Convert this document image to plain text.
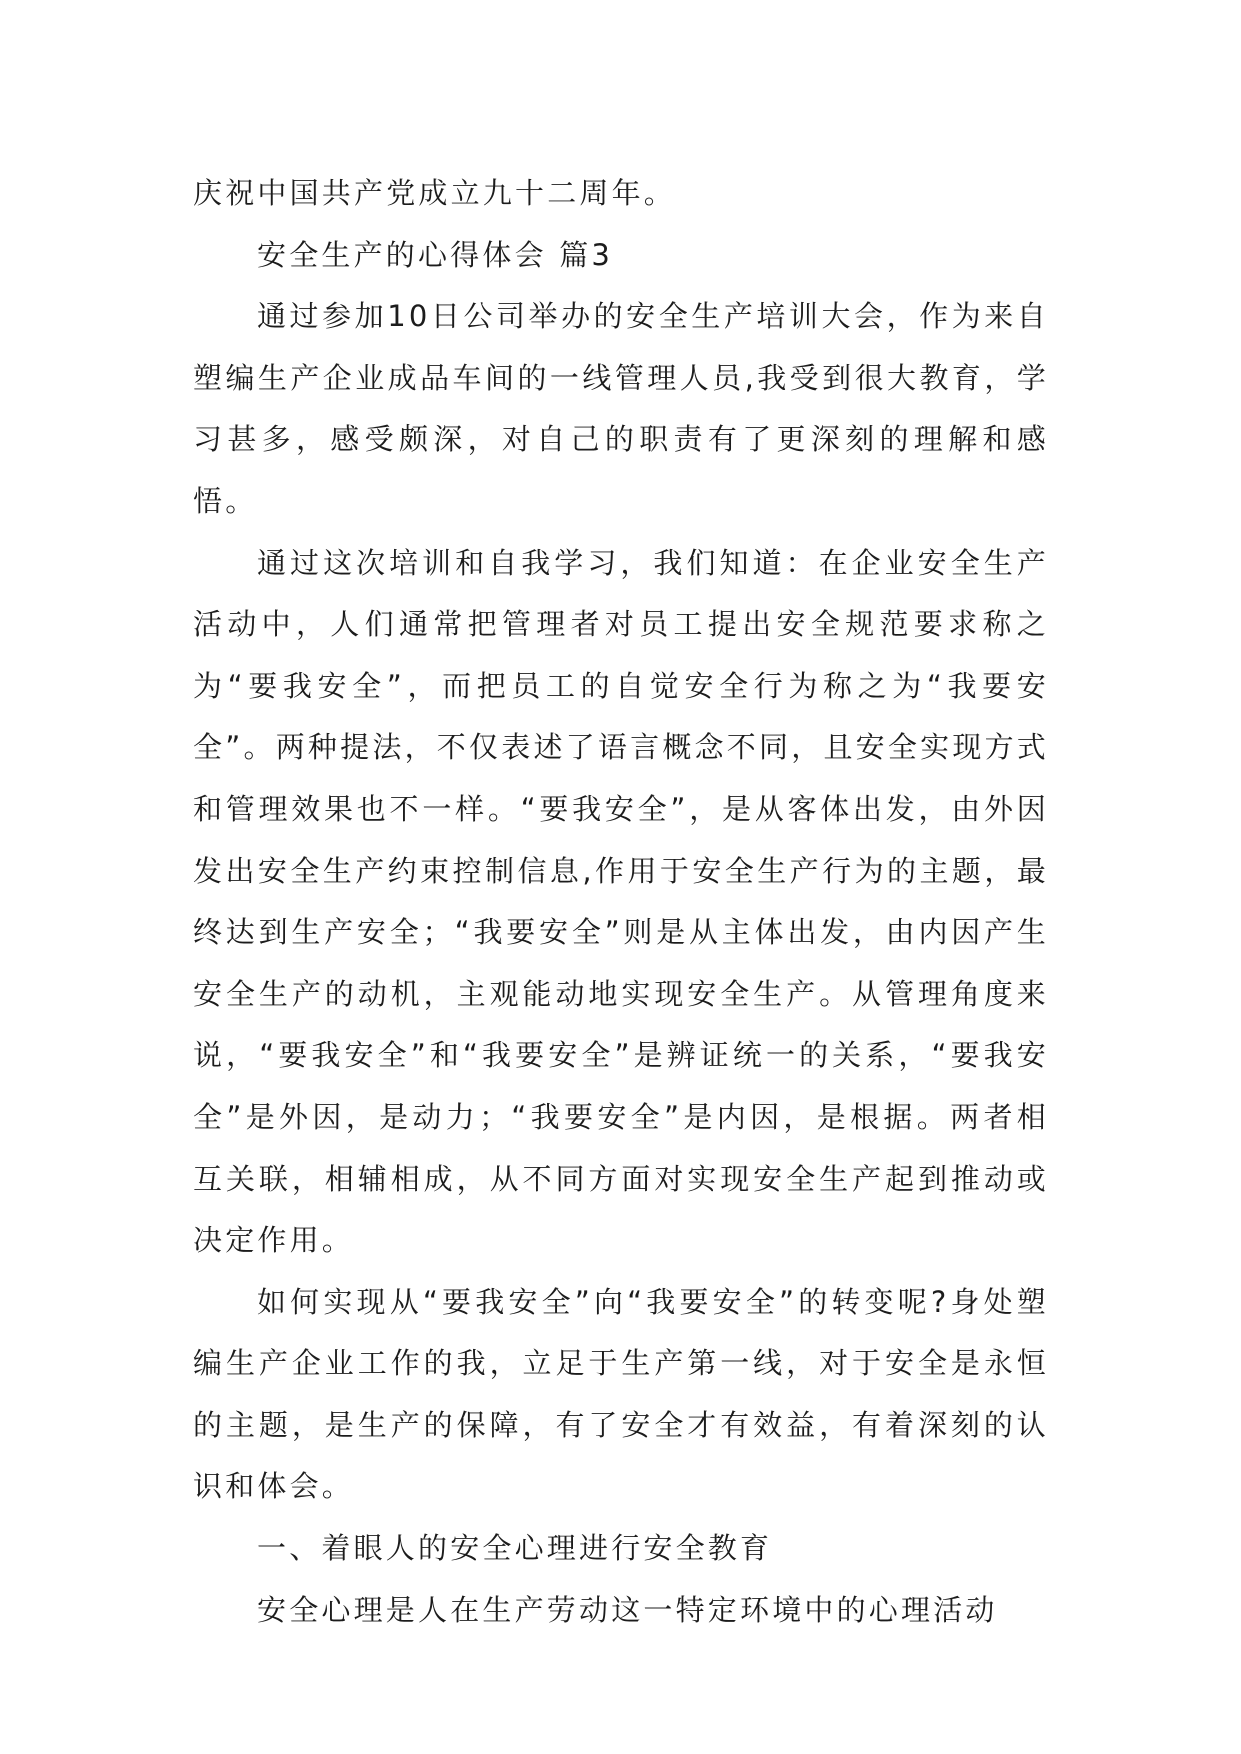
庆祝中国共产党成立九十二周年。

安全生产的心得体会 篇3

通过参加10日公司举办的安全生产培训大会，作为来自塑编生产企业成品车间的一线管理人员,我受到很大教育，学习甚多，感受颇深，对自己的职责有了更深刻的理解和感悟。

通过这次培训和自我学习，我们知道：在企业安全生产活动中，人们通常把管理者对员工提出安全规范要求称之为“要我安全”，而把员工的自觉安全行为称之为“我要安全”。两种提法，不仅表述了语言概念不同，且安全实现方式和管理效果也不一样。“要我安全”，是从客体出发，由外因发出安全生产约束控制信息,作用于安全生产行为的主题，最终达到生产安全；“我要安全”则是从主体出发，由内因产生安全生产的动机，主观能动地实现安全生产。从管理角度来说，“要我安全”和“我要安全”是辨证统一的关系，“要我安全”是外因，是动力；“我要安全”是内因，是根据。两者相互关联，相辅相成，从不同方面对实现安全生产起到推动或决定作用。

如何实现从“要我安全”向“我要安全”的转变呢?身处塑编生产企业工作的我，立足于生产第一线，对于安全是永恒的主题，是生产的保障，有了安全才有效益，有着深刻的认识和体会。

一、着眼人的安全心理进行安全教育

安全心理是人在生产劳动这一特定环境中的心理活动
